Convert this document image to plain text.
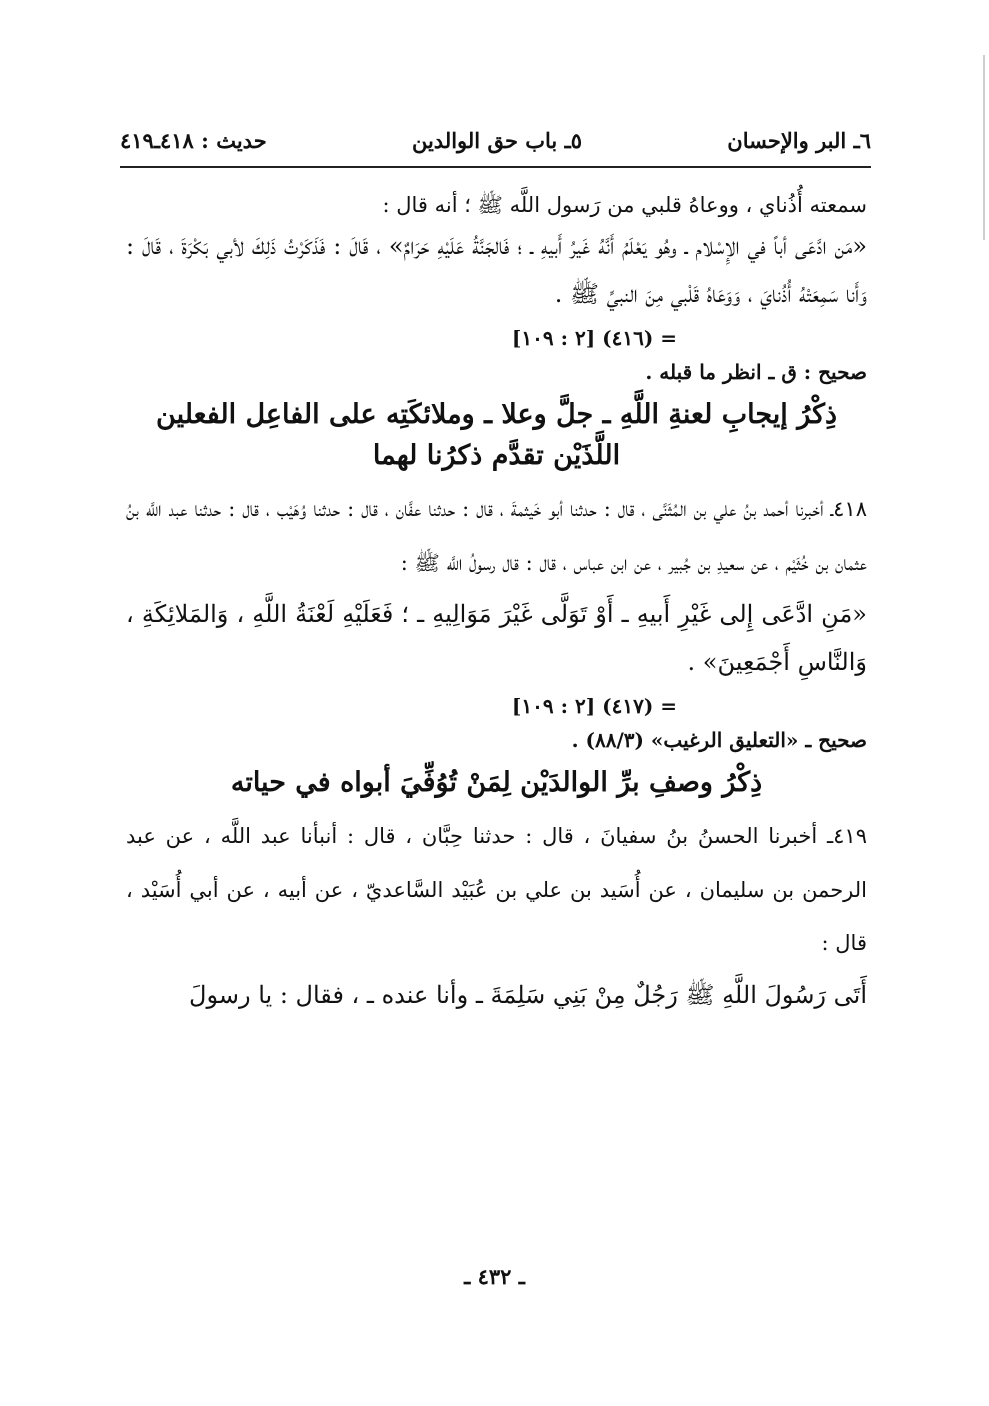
٦ـ البر والإحسان
٥ـ باب حق الوالدين
حديث : ٤١٨ـ٤١٩

سمعته أُذُناي ، ووعاهُ قلبي من رَسول اللَّه ﷺ ؛ أنه قال :

«مَن ادَّعَى أباً في الإِسْلام ـ وهُو يَعْلَمُ أَنَّهُ غَيرُ أَبيهِ ـ ؛ فَالجَنَّةُ عَلَيْهِ حَرَامٌ» ، قَالَ : فَذَكَرْتُ ذَلِكَ لأبي بَكْرَةَ ، قَالَ : وَأَنا سَمِعَتْهُ أُذُنايَ ، وَوَعَاهُ قَلْبي مِنَ النبيِّ ﷺ .

= (٤١٦) [٢ : ١٠٩]

صحيح : ق ـ انظر ما قبله .

ذِكْرُ إيجابِ لعنةِ اللَّهِ ـ جلَّ وعلا ـ وملائكَتِه على الفاعِل الفعلين اللَّذَيْن تقدَّم ذكرُنا لهما

٤١٨ـ أخبرنا أحمد بنُ علي بن المُثَنَّى ، قال : حدثنا أبو خَيثمةَ ، قال : حدثنا عفَّان ، قال : حدثنا وُهَيْب ، قال : حدثنا عبد اللَّه بنُ عثمان بن خُثَيْم ، عن سعيدِ بن جُبير ، عن ابن عباس ، قال : قال رسولُ اللَّه ﷺ :

«مَنِ ادَّعَى إِلى غَيْرِ أَبيهِ ـ أَوْ تَوَلَّى غَيْرَ مَوَالِيهِ ـ ؛ فَعَلَيْهِ لَعْنَةُ اللَّهِ ، وَالمَلائِكَةِ ، وَالنَّاسِ أَجْمَعِينَ» .

= (٤١٧) [٢ : ١٠٩]

صحيح ـ «التعليق الرغيب» (٨٨/٣) .

ذِكْرُ وصفِ برِّ الوالدَيْن لِمَنْ تُوُفِّيَ أبواه في حياته

٤١٩ـ أخبرنا الحسنُ بنُ سفيانَ ، قال : حدثنا حِبَّان ، قال : أنبأنا عبد اللَّه ، عن عبد الرحمن بن سليمان ، عن أُسَيد بن علي بن عُبَيْد السَّاعديّ ، عن أبيه ، عن أبي أُسَيْد ، قال :

أَتَى رَسُولَ اللَّهِ ﷺ رَجُلٌ مِنْ بَنِي سَلِمَةَ ـ وأنا عنده ـ ، فقال : يا رسولَ

ـ ٤٣٢ ـ
